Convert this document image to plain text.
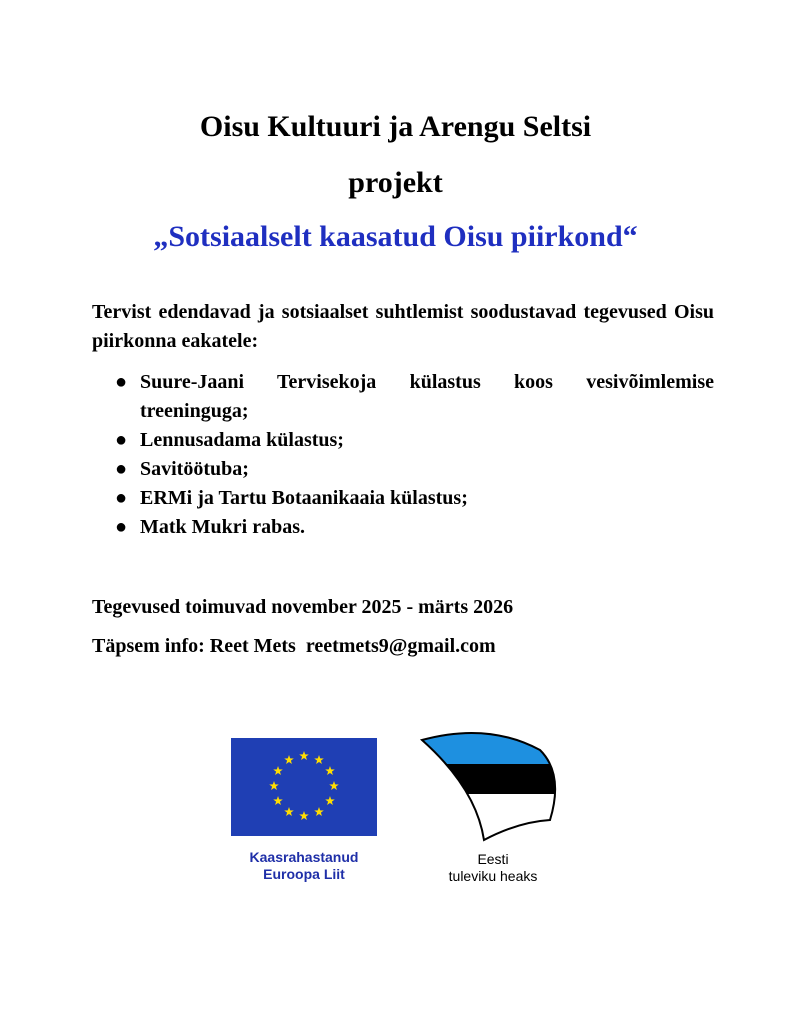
Oisu Kultuuri ja Arengu Seltsi
projekt
„Sotsiaalselt kaasatud Oisu piirkond“

Tervist edendavad ja sotsiaalset suhtlemist soodustavad tegevused Oisu piirkonna eakatele:

● Suure-Jaani Tervisekoja külastus koos vesivõimlemise treeninguga;
● Lennusadama külastus;
● Savitöötuba;
● ERMi ja Tartu Botaanikaaia külastus;
● Matk Mukri rabas.

Tegevused toimuvad november 2025 - märts 2026

Täpsem info: Reet Mets  reetmets9@gmail.com

Kaasrahastanud
Euroopa Liit
Eesti
tuleviku heaks
